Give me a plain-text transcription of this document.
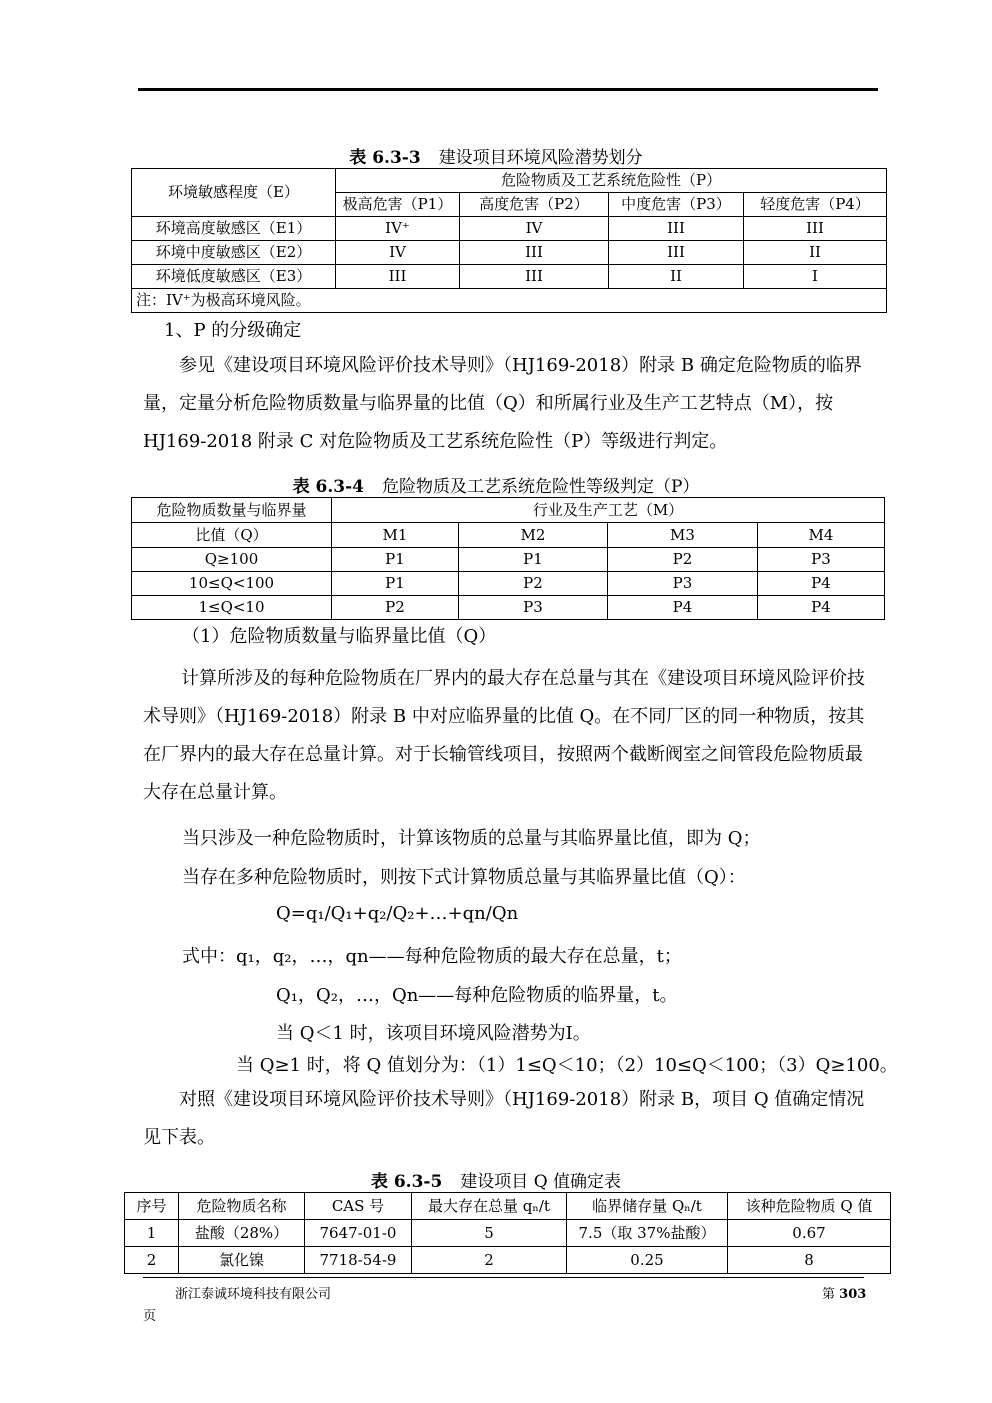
表 6.3-3 建设项目环境风险潜势划分
环境敏感程度（E）	危险物质及工艺系统危险性（P）			
	极高危害（P1）	高度危害（P2）	中度危害（P3）	轻度危害（P4）
环境高度敏感区（E1）	IV⁺	IV	III	III
环境中度敏感区（E2）	IV	III	III	II
环境低度敏感区（E3）	III	III	II	I
注：IV⁺为极高环境风险。				
1、P 的分级确定
参见《建设项目环境风险评价技术导则》（HJ169-2018）附录 B 确定危险物质的临界量，定量分析危险物质数量与临界量的比值（Q）和所属行业及生产工艺特点（M），按 HJ169-2018 附录 C 对危险物质及工艺系统危险性（P）等级进行判定。
表 6.3-4 危险物质及工艺系统危险性等级判定（P）
危险物质数量与临界量	行业及生产工艺（M）			
比值（Q）	M1	M2	M3	M4
Q≥100	P1	P1	P2	P3
10≤Q<100	P1	P2	P3	P4
1≤Q<10	P2	P3	P4	P4
（1）危险物质数量与临界量比值（Q）
计算所涉及的每种危险物质在厂界内的最大存在总量与其在《建设项目环境风险评价技术导则》（HJ169-2018）附录 B 中对应临界量的比值 Q。在不同厂区的同一种物质，按其在厂界内的最大存在总量计算。对于长输管线项目，按照两个截断阀室之间管段危险物质最大存在总量计算。
当只涉及一种危险物质时，计算该物质的总量与其临界量比值，即为 Q；
当存在多种危险物质时，则按下式计算物质总量与其临界量比值（Q）：
Q=q₁/Q₁+q₂/Q₂+…+qn/Qn
式中：q₁，q₂，…，qn——每种危险物质的最大存在总量，t；
Q₁，Q₂，…，Qn——每种危险物质的临界量，t。
当 Q＜1 时，该项目环境风险潜势为Ⅰ。
当 Q≥1 时，将 Q 值划分为：（1）1≤Q＜10；（2）10≤Q＜100；（3）Q≥100。
对照《建设项目环境风险评价技术导则》（HJ169-2018）附录 B，项目 Q 值确定情况见下表。
表 6.3-5 建设项目 Q 值确定表
序号	危险物质名称	CAS 号	最大存在总量 qₙ/t	临界储存量 Qₙ/t	该种危险物质 Q 值
1	盐酸（28%）	7647-01-0	5	7.5（取 37%盐酸）	0.67
2	氯化镍	7718-54-9	2	0.25	8
浙江泰诚环境科技有限公司	第 303
页
